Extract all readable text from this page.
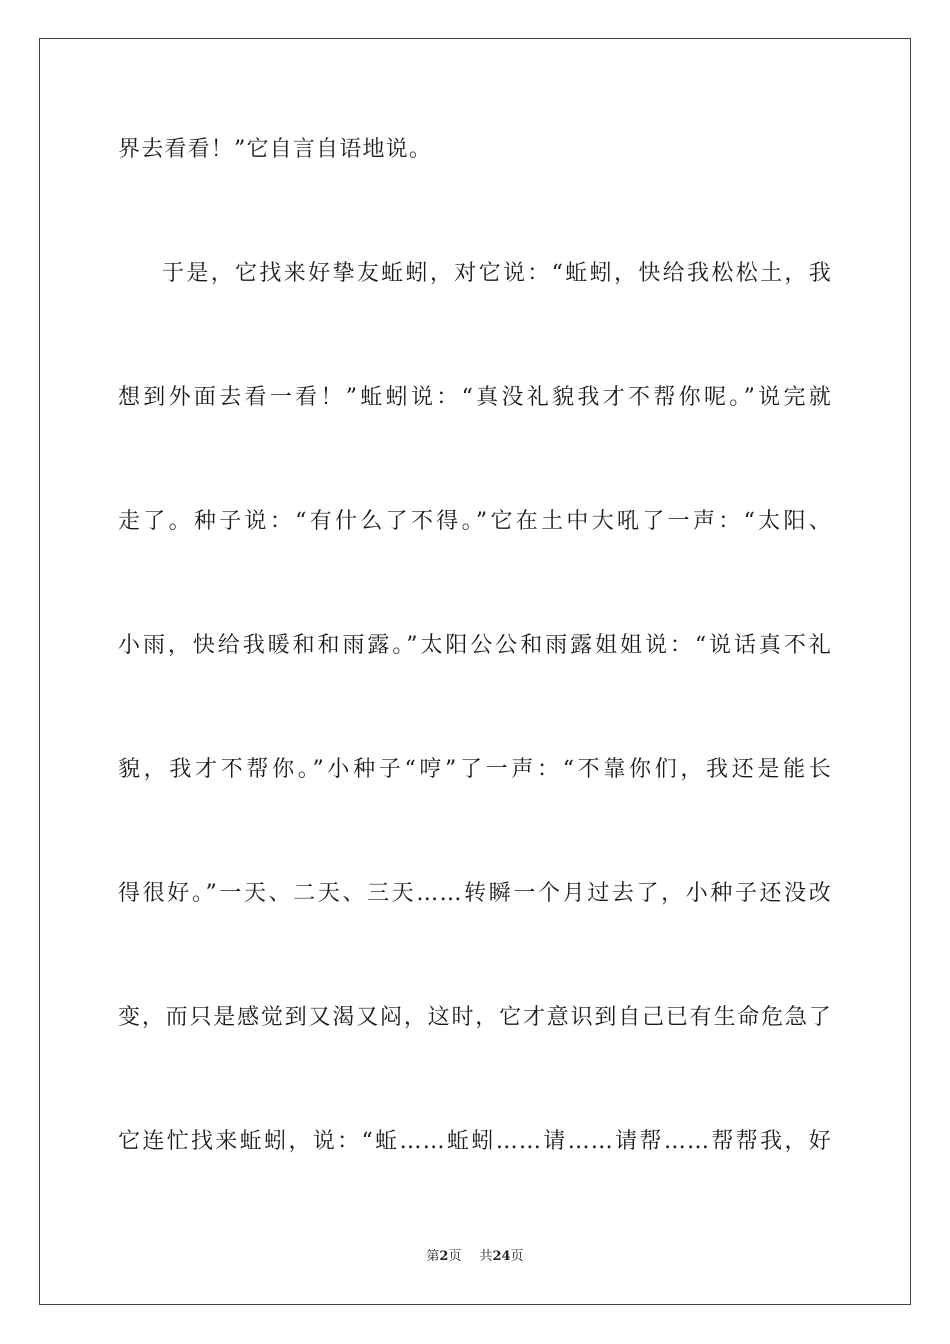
界去看看！”它自言自语地说。
于是，它找来好挚友蚯蚓，对它说：“蚯蚓，快给我松松土，我
想到外面去看一看！”蚯蚓说：“真没礼貌我才不帮你呢。”说完就
走了。种子说：“有什么了不得。”它在土中大吼了一声：“太阳、
小雨，快给我暖和和雨露。”太阳公公和雨露姐姐说：“说话真不礼
貌，我才不帮你。”小种子“哼”了一声：“不靠你们，我还是能长
得很好。”一天、二天、三天……转瞬一个月过去了，小种子还没改
变，而只是感觉到又渴又闷，这时，它才意识到自己已有生命危急了
它连忙找来蚯蚓，说：“蚯……蚯蚓……请……请帮……帮帮我，好
第2页 共24页
